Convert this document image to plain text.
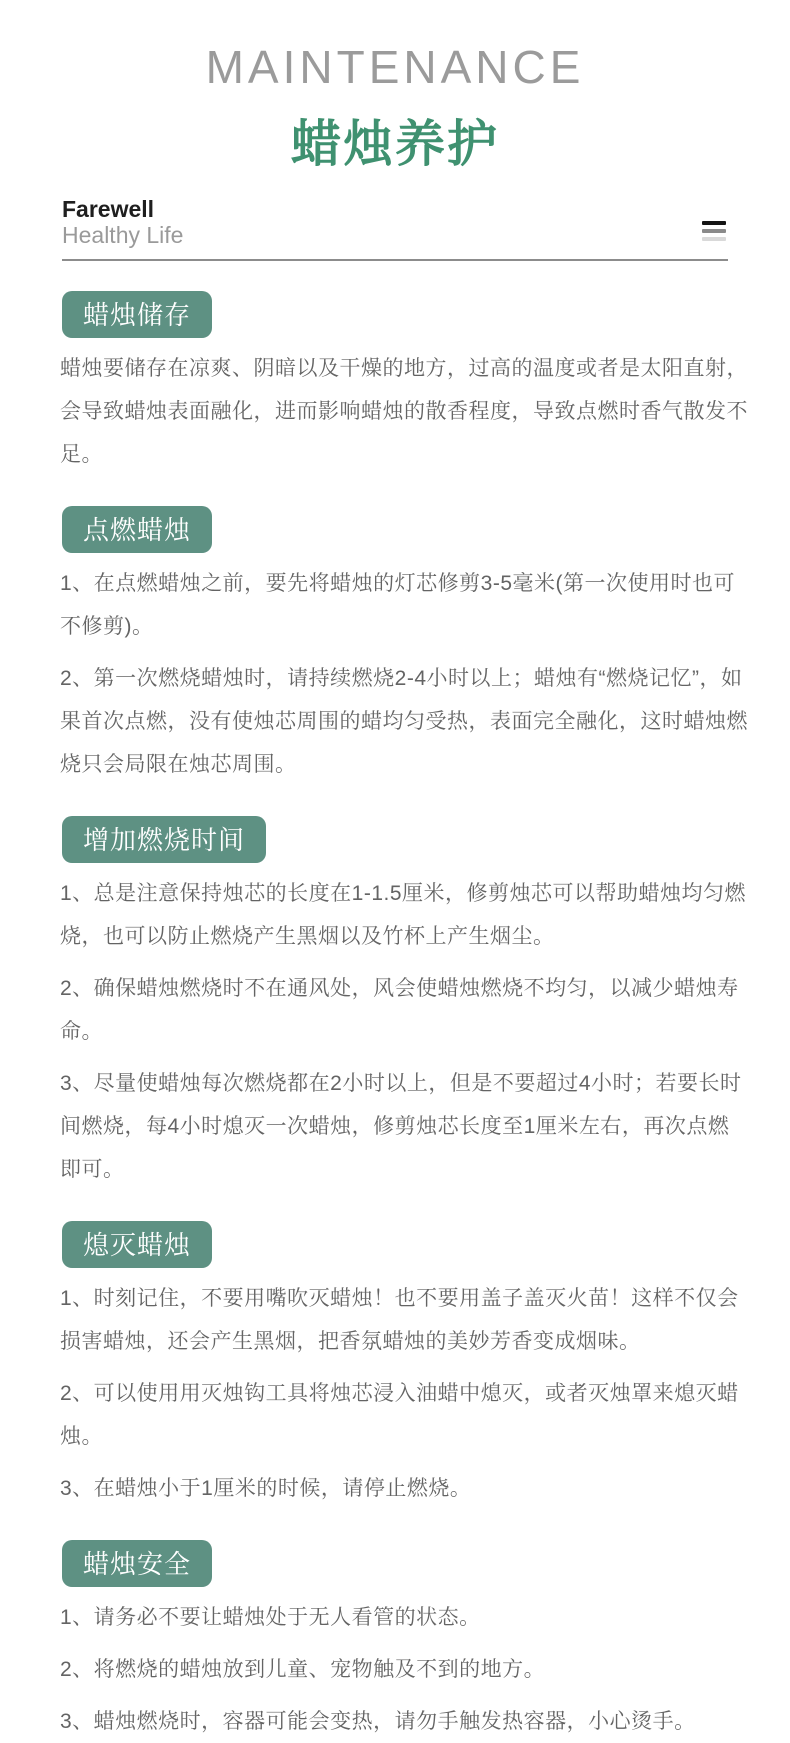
MAINTENANCE
蜡烛养护
Farewell
Healthy Life
蜡烛储存

蜡烛要储存在凉爽、阴暗以及干燥的地方，过高的温度或者是太阳直射，会导致蜡烛表面融化，进而影响蜡烛的散香程度，导致点燃时香气散发不足。

点燃蜡烛

1、在点燃蜡烛之前，要先将蜡烛的灯芯修剪3-5毫米(第一次使用时也可不修剪)。

2、第一次燃烧蜡烛时，请持续燃烧2-4小时以上；蜡烛有“燃烧记忆”，如果首次点燃，没有使烛芯周围的蜡均匀受热，表面完全融化，这时蜡烛燃烧只会局限在烛芯周围。

增加燃烧时间

1、总是注意保持烛芯的长度在1-1.5厘米，修剪烛芯可以帮助蜡烛均匀燃烧，也可以防止燃烧产生黑烟以及竹杯上产生烟尘。

2、确保蜡烛燃烧时不在通风处，风会使蜡烛燃烧不均匀，以减少蜡烛寿命。

3、尽量使蜡烛每次燃烧都在2小时以上，但是不要超过4小时；若要长时间燃烧，每4小时熄灭一次蜡烛，修剪烛芯长度至1厘米左右，再次点燃即可。

熄灭蜡烛

1、时刻记住，不要用嘴吹灭蜡烛！也不要用盖子盖灭火苗！这样不仅会损害蜡烛，还会产生黑烟，把香氛蜡烛的美妙芳香变成烟味。

2、可以使用用灭烛钩工具将烛芯浸入油蜡中熄灭，或者灭烛罩来熄灭蜡烛。

3、在蜡烛小于1厘米的时候，请停止燃烧。

蜡烛安全

1、请务必不要让蜡烛处于无人看管的状态。

2、将燃烧的蜡烛放到儿童、宠物触及不到的地方。

3、蜡烛燃烧时，容器可能会变热，请勿手触发热容器，小心烫手。
